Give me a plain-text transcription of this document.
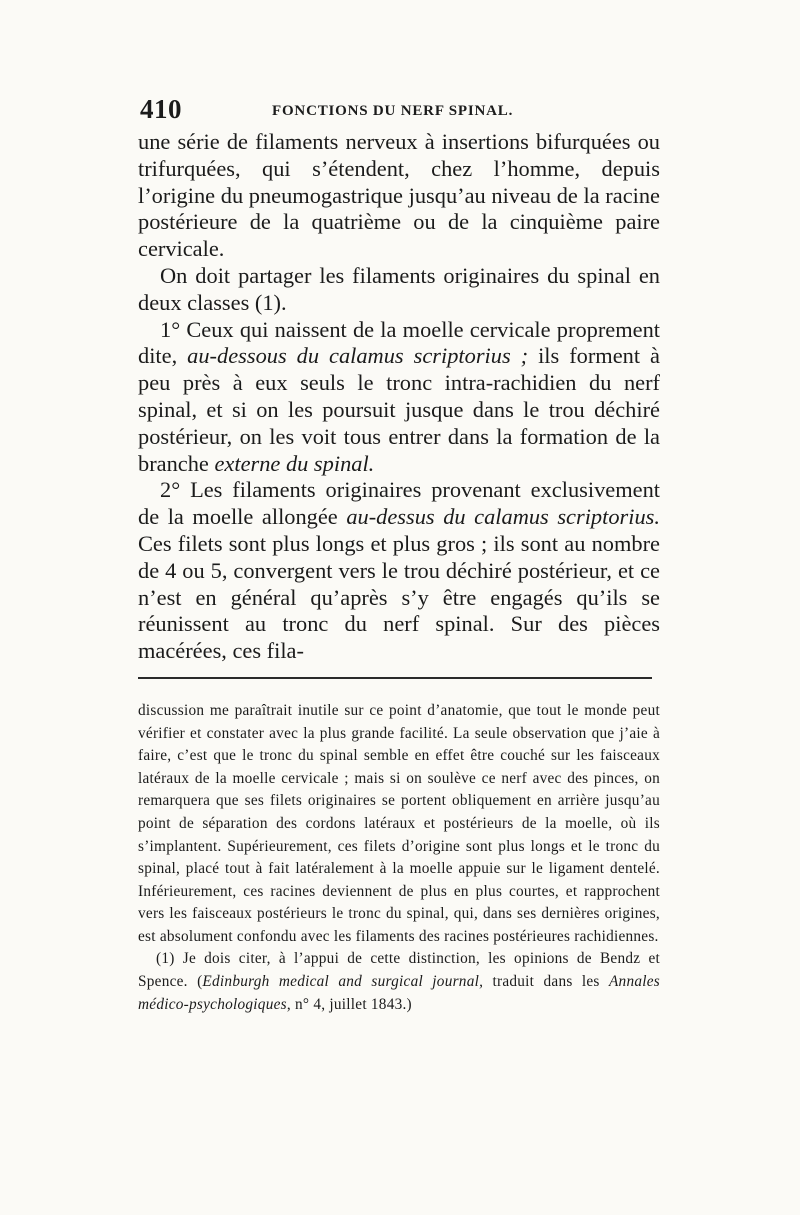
410	FONCTIONS DU NERF SPINAL.

une série de filaments nerveux à insertions bifurquées ou trifurquées, qui s’étendent, chez l’homme, depuis l’origine du pneumogastrique jusqu’au niveau de la racine postérieure de la quatrième ou de la cinquième paire cervicale.

On doit partager les filaments originaires du spinal en deux classes (1).

1° Ceux qui naissent de la moelle cervicale proprement dite, au-dessous du calamus scriptorius ; ils forment à peu près à eux seuls le tronc intra-rachidien du nerf spinal, et si on les poursuit jusque dans le trou déchiré postérieur, on les voit tous entrer dans la formation de la branche externe du spinal.

2° Les filaments originaires provenant exclusivement de la moelle allongée au-dessus du calamus scriptorius. Ces filets sont plus longs et plus gros ; ils sont au nombre de 4 ou 5, convergent vers le trou déchiré postérieur, et ce n’est en général qu’après s’y être engagés qu’ils se réunissent au tronc du nerf spinal. Sur des pièces macérées, ces fila-

discussion me paraîtrait inutile sur ce point d’anatomie, que tout le monde peut vérifier et constater avec la plus grande facilité. La seule observation que j’aie à faire, c’est que le tronc du spinal semble en effet être couché sur les faisceaux latéraux de la moelle cervicale ; mais si on soulève ce nerf avec des pinces, on remarquera que ses filets originaires se portent obliquement en arrière jusqu’au point de séparation des cordons latéraux et postérieurs de la moelle, où ils s’implantent. Supérieurement, ces filets d’origine sont plus longs et le tronc du spinal, placé tout à fait latéralement à la moelle appuie sur le ligament dentelé. Inférieurement, ces racines deviennent de plus en plus courtes, et rapprochent vers les faisceaux postérieurs le tronc du spinal, qui, dans ses dernières origines, est absolument confondu avec les filaments des racines postérieures rachidiennes.

(1) Je dois citer, à l’appui de cette distinction, les opinions de Bendz et Spence. (Edinburgh medical and surgical journal, traduit dans les Annales médico-psychologiques, n° 4, juillet 1843.)
